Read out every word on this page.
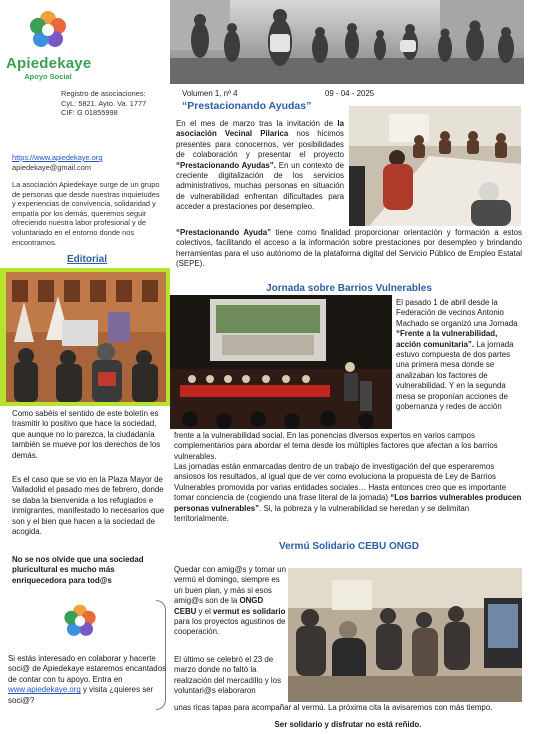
Apiedekaye
Apoyo Social
Registro de asociaciones:
CyL: 5821. Ayto. Va. 1777
CIF: G 01855998
https://www.apiedekaye.org
apiedekaye@gmail.com
La asociación Apiedekaye surge de un grupo de personas que desde nuestras inquietudes y experiencias de convivencia, solidaridad y empatía por los demás, queremos seguir ofreciendo nuestra labor profesional y de voluntariado en el entorno donde nos encontramos.
Volumen 1, nº 4	09 - 04 - 2025
“Prestacionando Ayudas”
En el mes de marzo tras la invitación de la asociación Vecinal Pilarica nos hicimos presentes para conocernos, ver posibilidades de colaboración y presentar el proyecto “Prestacionando Ayudas”. En un contexto de creciente digitalización de los servicios administrativos, muchas personas en situación de vulnerabilidad enfrentan dificultades para acceder a prestaciones por desempleo.
“Prestacionando Ayuda” tiene como finalidad proporcionar orientación y formación a estos colectivos, facilitando el acceso a la información sobre prestaciones por desempleo y brindando herramientas para el uso autónomo de la plataforma digital del Servicio Público de Empleo Estatal (SEPE).
Editorial
Como sabéis el sentido de este boletín es trasmitir lo positivo que hace la sociedad, que aunque no lo parezca, la ciudadanía también se mueve por los derechos de los demás.
Es el caso que se vio en la Plaza Mayor de Valladolid el pasado mes de febrero, donde se daba la bienvenida a los refugiados e inmigrantes, manifestado lo necesarios que son y el bien que hacen a la sociedad de acogida.
No se nos olvide que una sociedad pluricultural es mucho más enriquecedora para tod@s
Jornada sobre Barrios Vulnerables
El pasado 1 de abril desde la Federación de vecinos Antonio Machado se organizó una Jornada “Frente a la vulnerabilidad, acción comunitaria”. La jornada estuvo compuesta de dos partes una primera mesa donde se analizaban los factores de vulnerabilidad. Y en la segunda mesa se proponían acciones de gobernanza y redes de acción
frente a la vulnerabilidad social. En las ponencias diversos expertos en varios campos complementarios para abordar el tema desde los múltiples factores que afectan a los barrios vulnerables.
Las jornadas están enmarcadas dentro de un trabajo de investigación del que esperaremos ansiosos los resultados, al igual que de ver como evoluciona la propuesta de Ley de Barrios Vulnerables promovida por varias entidades sociales… Hasta entonces creo que es importante tomar conciencia de (cogiendo una frase literal de la jornada) “Los barrios vulnerables producen personas vulnerables”. Si, la pobreza y la vulnerabilidad se heredan y se delimitan territorialmente.
Vermú Solidario CEBU ONGD
Quedar con amig@s y tomar un vermú el domingo, siempre es un buen plan, y más si esos amig@s son de la ONGD CEBU y el vermut es solidario para los proyectos agustinos de cooperación.
El último se celebró el 23 de marzo donde no faltó la realización del mercadillo y los voluntari@s elaboraron
unas ricas tapas para acompañar al vermú. La próxima cita la avisaremos con más tiempo.
Ser solidario y disfrutar no está reñido.
Si estás interesado en colaborar y hacerte soci@ de Apiedekaye estaremos encantados de contar con tu apoyo. Entra en www.apiedekaye.org y visita ¿quieres ser soci@?
